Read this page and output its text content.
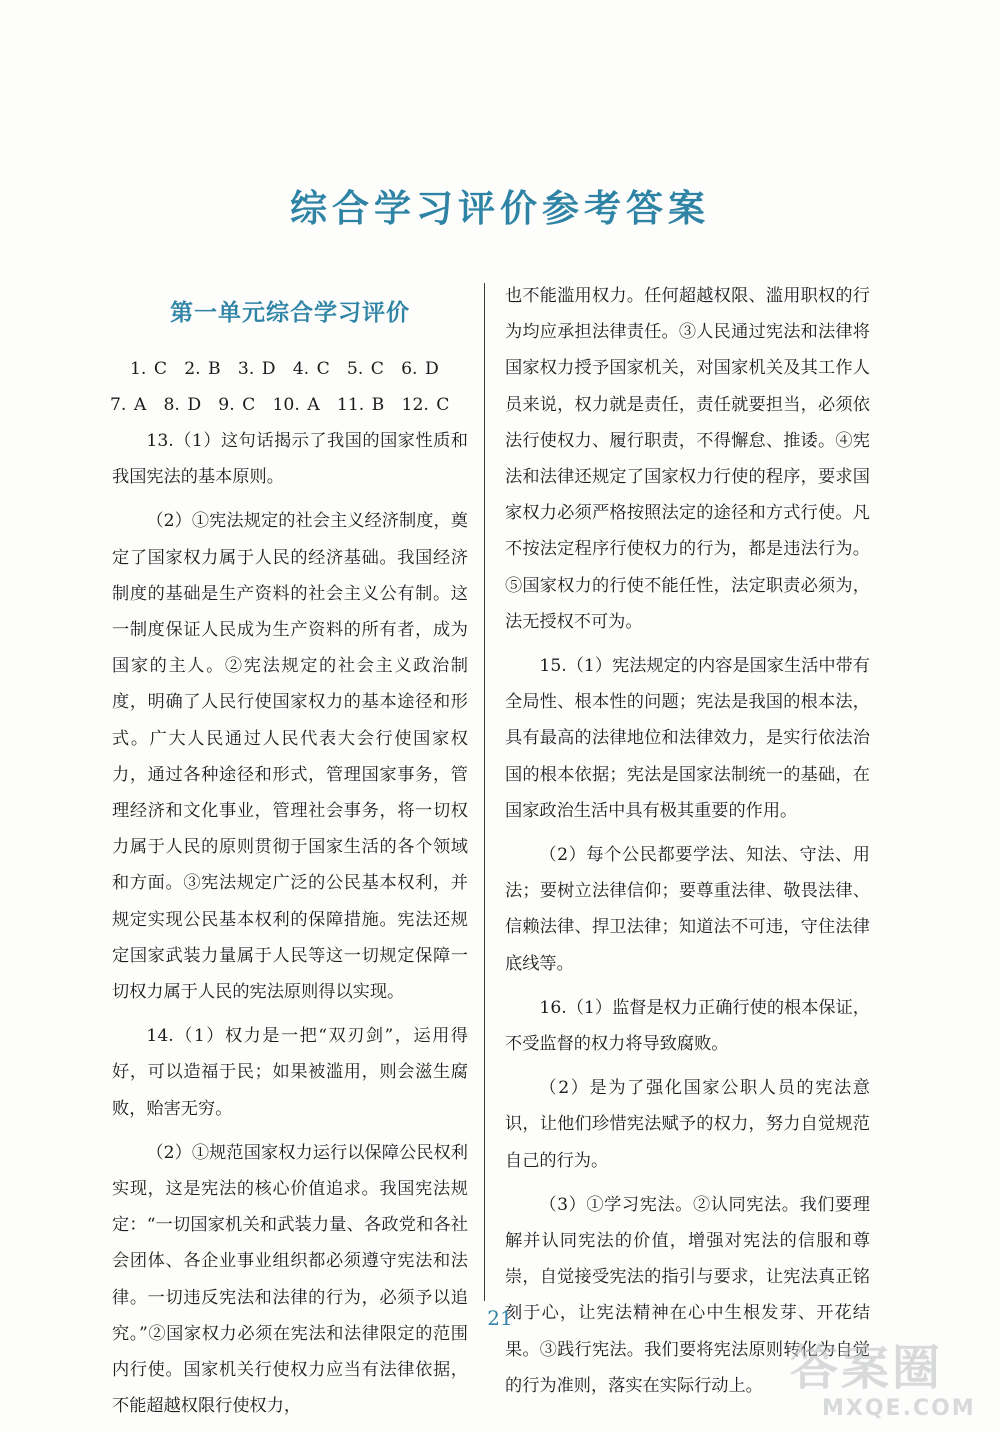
综合学习评价参考答案
第一单元综合学习评价
1. C　2. B　3. D　4. C　5. C　6. D
7. A　8. D　9. C　10. A　11. B　12. C

13.（1）这句话揭示了我国的国家性质和我国宪法的基本原则。

（2）①宪法规定的社会主义经济制度，奠定了国家权力属于人民的经济基础。我国经济制度的基础是生产资料的社会主义公有制。这一制度保证人民成为生产资料的所有者，成为国家的主人。②宪法规定的社会主义政治制度，明确了人民行使国家权力的基本途径和形式。广大人民通过人民代表大会行使国家权力，通过各种途径和形式，管理国家事务，管理经济和文化事业，管理社会事务，将一切权力属于人民的原则贯彻于国家生活的各个领域和方面。③宪法规定广泛的公民基本权利，并规定实现公民基本权利的保障措施。宪法还规定国家武装力量属于人民等这一切规定保障一切权力属于人民的宪法原则得以实现。

14.（1）权力是一把“双刃剑”，运用得好，可以造福于民；如果被滥用，则会滋生腐败，贻害无穷。

（2）①规范国家权力运行以保障公民权利实现，这是宪法的核心价值追求。我国宪法规定：“一切国家机关和武装力量、各政党和各社会团体、各企业事业组织都必须遵守宪法和法律。一切违反宪法和法律的行为，必须予以追究。”②国家权力必须在宪法和法律限定的范围内行使。国家机关行使权力应当有法律依据，不能超越权限行使权力，

也不能滥用权力。任何超越权限、滥用职权的行为均应承担法律责任。③人民通过宪法和法律将国家权力授予国家机关，对国家机关及其工作人员来说，权力就是责任，责任就要担当，必须依法行使权力、履行职责，不得懈怠、推诿。④宪法和法律还规定了国家权力行使的程序，要求国家权力必须严格按照法定的途径和方式行使。凡不按法定程序行使权力的行为，都是违法行为。⑤国家权力的行使不能任性，法定职责必须为，法无授权不可为。

15.（1）宪法规定的内容是国家生活中带有全局性、根本性的问题；宪法是我国的根本法，具有最高的法律地位和法律效力，是实行依法治国的根本依据；宪法是国家法制统一的基础，在国家政治生活中具有极其重要的作用。

（2）每个公民都要学法、知法、守法、用法；要树立法律信仰；要尊重法律、敬畏法律、信赖法律、捍卫法律；知道法不可违，守住法律底线等。

16.（1）监督是权力正确行使的根本保证，不受监督的权力将导致腐败。

（2）是为了强化国家公职人员的宪法意识，让他们珍惜宪法赋予的权力，努力自觉规范自己的行为。

（3）①学习宪法。②认同宪法。我们要理解并认同宪法的价值，增强对宪法的信服和尊崇，自觉接受宪法的指引与要求，让宪法真正铭刻于心，让宪法精神在心中生根发芽、开花结果。③践行宪法。我们要将宪法原则转化为自觉的行为准则，落实在实际行动上。

21
答案圈
MXQE.COM
